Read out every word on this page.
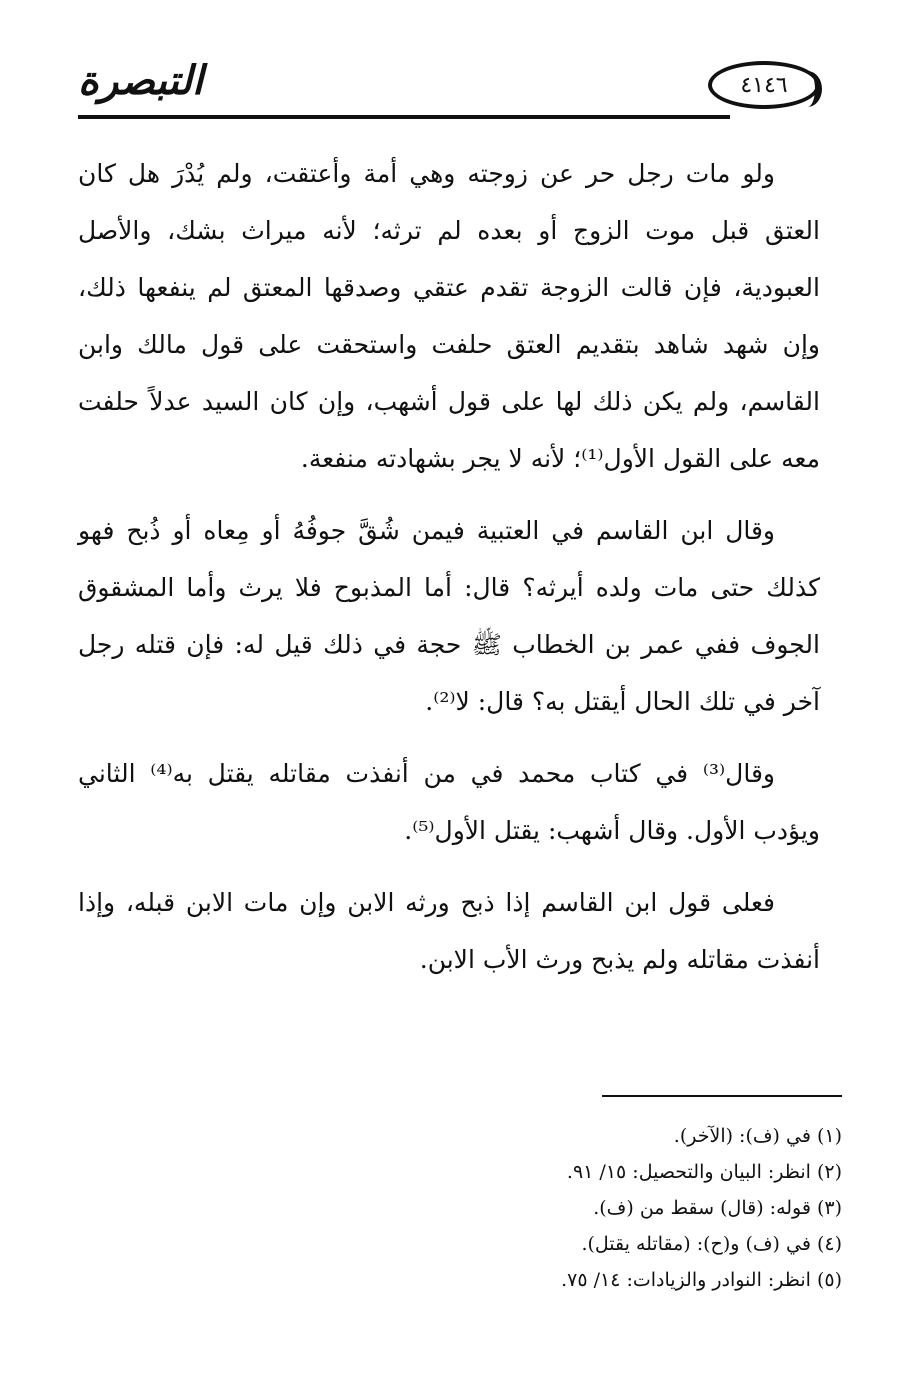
التبصرة	٤١٤٦

ولو مات رجل حر عن زوجته وهي أمة وأعتقت، ولم يُدْرَ هل كان العتق قبل موت الزوج أو بعده لم ترثه؛ لأنه ميراث بشك، والأصل العبودية، فإن قالت الزوجة تقدم عتقي وصدقها المعتق لم ينفعها ذلك، وإن شهد شاهد بتقديم العتق حلفت واستحقت على قول مالك وابن القاسم، ولم يكن ذلك لها على قول أشهب، وإن كان السيد عدلاً حلفت معه على القول الأول⁽¹⁾؛ لأنه لا يجر بشهادته منفعة.

وقال ابن القاسم في العتبية فيمن شُقَّ جوفُهُ أو مِعاه أو ذُبح فهو كذلك حتى مات ولده أيرثه؟ قال: أما المذبوح فلا يرث وأما المشقوق الجوف ففي عمر بن الخطاب ﷺ حجة في ذلك قيل له: فإن قتله رجل آخر في تلك الحال أيقتل به؟ قال: لا⁽²⁾.

وقال⁽³⁾ في كتاب محمد في من أنفذت مقاتله يقتل به⁽⁴⁾ الثاني ويؤدب الأول. وقال أشهب: يقتل الأول⁽⁵⁾.

فعلى قول ابن القاسم إذا ذبح ورثه الابن وإن مات الابن قبله، وإذا أنفذت مقاتله ولم يذبح ورث الأب الابن.

(١)في (ف): (الآخر).

(٢)انظر: البيان والتحصيل: ١٥/ ٩١.

(٣)قوله: (قال) سقط من (ف).

(٤)في (ف) و(ح): (مقاتله يقتل).

(٥)انظر: النوادر والزيادات: ١٤/ ٧٥.
